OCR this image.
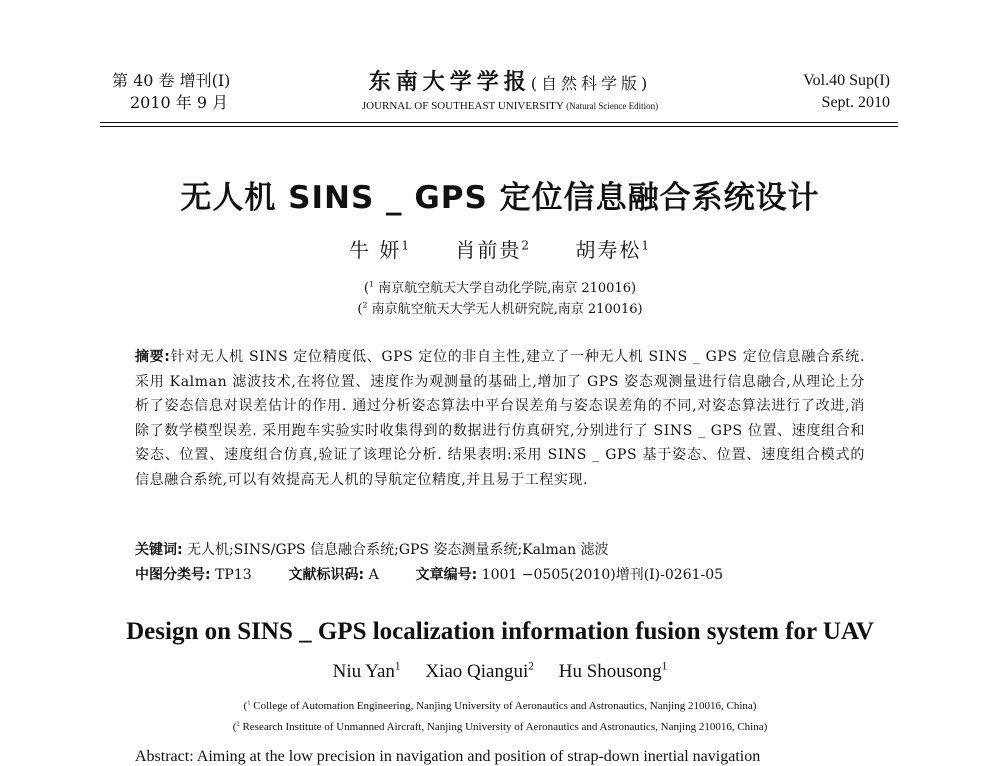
第 40 卷 增刊(I)
2010 年 9 月
东南大学学报(自然科学版)
JOURNAL OF SOUTHEAST UNIVERSITY (Natural Science Edition)
Vol.40 Sup(I)
Sept. 2010
无人机 SINS _ GPS 定位信息融合系统设计
牛 妍$^1$ 肖前贵$^2$ 胡寿松$^1$
($^1$ 南京航空航天大学自动化学院,南京 210016)
($^2$ 南京航空航天大学无人机研究院,南京 210016)
摘要:针对无人机 SINS 定位精度低、GPS 定位的非自主性,建立了一种无人机 SINS _ GPS 定位信息融合系统. 采用 Kalman 滤波技术,在将位置、速度作为观测量的基础上,增加了 GPS 姿态观测量进行信息融合,从理论上分析了姿态信息对误差估计的作用. 通过分析姿态算法中平台误差角与姿态误差角的不同,对姿态算法进行了改进,消除了数学模型误差. 采用跑车实验实时收集得到的数据进行仿真研究,分别进行了 SINS _ GPS 位置、速度组合和姿态、位置、速度组合仿真,验证了该理论分析. 结果表明:采用 SINS _ GPS 基于姿态、位置、速度组合模式的信息融合系统,可以有效提高无人机的导航定位精度,并且易于工程实现.
关键词: 无人机;SINS/GPS 信息融合系统;GPS 姿态测量系统;Kalman 滤波
中图分类号: TP13	文献标识码: A	文章编号: 1001 −0505(2010)增刊(I)-0261-05
Design on SINS _ GPS localization information fusion system for UAV
Niu Yan$^1$ Xiao Qiangui$^2$ Hu Shousong$^1$
($^1$ College of Automation Engineering, Nanjing University of Aeronautics and Astronautics, Nanjing 210016, China)
($^2$ Research Institute of Unmanned Aircraft, Nanjing University of Aeronautics and Astronautics, Nanjing 210016, China)
Abstract: Aiming at the low precision in navigation and position of strap-down inertial navigation
